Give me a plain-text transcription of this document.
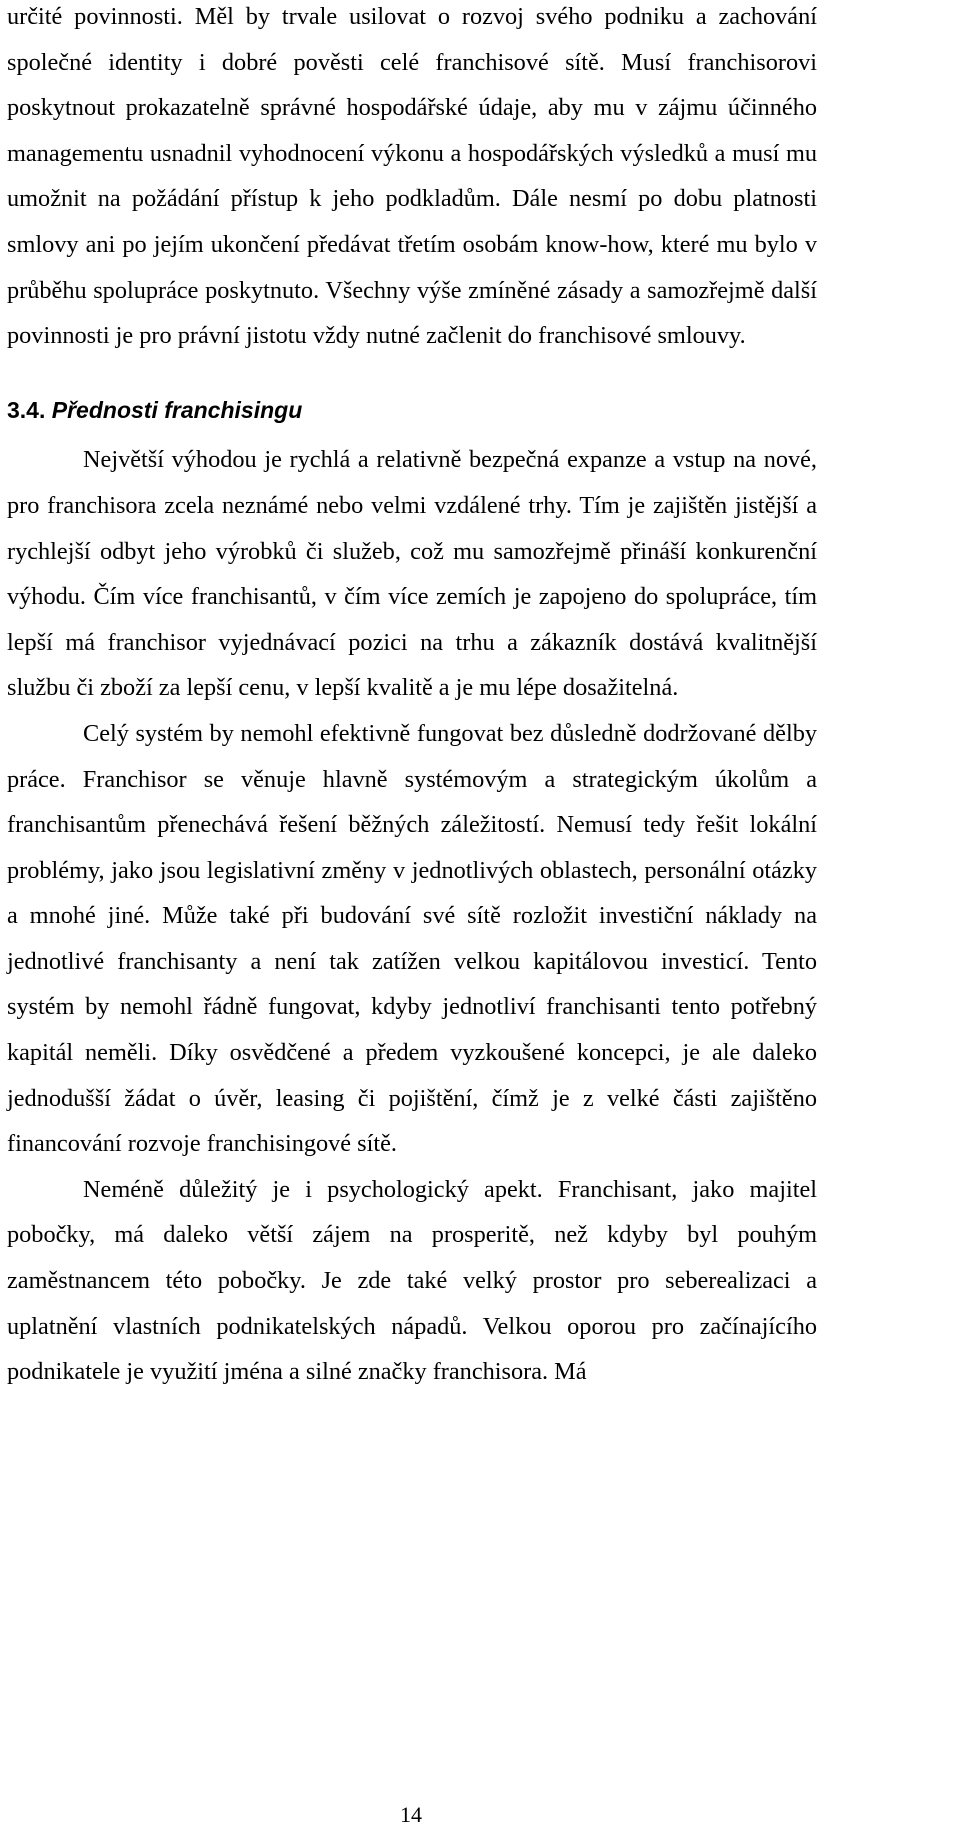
určité povinnosti. Měl by trvale usilovat o rozvoj svého podniku a zachování společné identity i dobré pověsti celé franchisové sítě. Musí franchisorovi poskytnout prokazatelně správné hospodářské údaje, aby mu v zájmu účinného managementu usnadnil vyhodnocení výkonu a hospodářských výsledků a musí mu umožnit na požádání přístup k jeho podkladům. Dále nesmí po dobu platnosti smlovy ani po jejím ukončení předávat třetím osobám know-how, které mu bylo v průběhu spolupráce poskytnuto. Všechny výše zmíněné zásady a samozřejmě další povinnosti je pro právní jistotu vždy nutné začlenit do franchisové smlouvy.

3.4. Přednosti franchisingu

Největší výhodou je rychlá a relativně bezpečná expanze a vstup na nové, pro franchisora zcela neznámé nebo velmi vzdálené trhy. Tím je zajištěn jistější a rychlejší odbyt jeho výrobků či služeb, což mu samozřejmě přináší konkurenční výhodu. Čím více franchisantů, v čím více zemích je zapojeno do spolupráce, tím lepší má franchisor vyjednávací pozici na trhu a zákazník dostává kvalitnější službu či zboží za lepší cenu, v lepší kvalitě a je mu lépe dosažitelná.

Celý systém by nemohl efektivně fungovat bez důsledně dodržované dělby práce. Franchisor se věnuje hlavně systémovým a strategickým úkolům a franchisantům přenechává řešení běžných záležitostí. Nemusí tedy řešit lokální problémy, jako jsou legislativní změny v jednotlivých oblastech, personální otázky a mnohé jiné. Může také při budování své sítě rozložit investiční náklady na jednotlivé franchisanty a není tak zatížen velkou kapitálovou investicí. Tento systém by nemohl řádně fungovat, kdyby jednotliví franchisanti tento potřebný kapitál neměli. Díky osvědčené a předem vyzkoušené koncepci, je ale daleko jednodušší žádat o úvěr, leasing či pojištění, čímž je z velké části zajištěno financování rozvoje franchisingové sítě.

Neméně důležitý je i psychologický apekt. Franchisant, jako majitel pobočky, má daleko větší zájem na prosperitě, než kdyby byl pouhým zaměstnancem této pobočky. Je zde také velký prostor pro seberealizaci a uplatnění vlastních podnikatelských nápadů. Velkou oporou pro začínajícího podnikatele je využití jména a silné značky franchisora. Má

14
